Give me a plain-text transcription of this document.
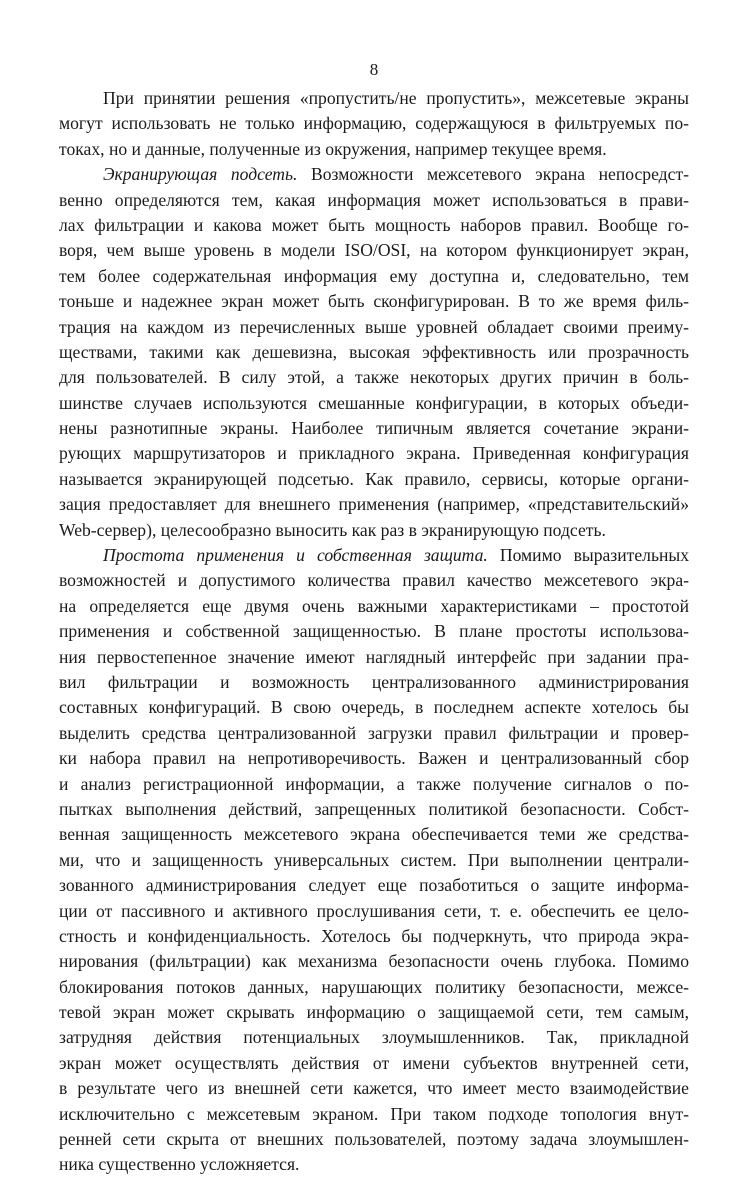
8
При принятии решения «пропустить/не пропустить», межсетевые экраны
могут использовать не только информацию, содержащуюся в фильтруемых по-
токах, но и данные, полученные из окружения, например текущее время.
Экранирующая подсеть. Возможности межсетевого экрана непосредст-
венно определяются тем, какая информация может использоваться в прави-
лах фильтрации и какова может быть мощность наборов правил. Вообще го-
воря, чем выше уровень в модели ISO/OSI, на котором функционирует экран,
тем более содержательная информация ему доступна и, следовательно, тем
тоньше и надежнее экран может быть сконфигурирован. В то же время филь-
трация на каждом из перечисленных выше уровней обладает своими преиму-
ществами, такими как дешевизна, высокая эффективность или прозрачность
для пользователей. В силу этой, а также некоторых других причин в боль-
шинстве случаев используются смешанные конфигурации, в которых объеди-
нены разнотипные экраны. Наиболее типичным является сочетание экрани-
рующих маршрутизаторов и прикладного экрана. Приведенная конфигурация
называется экранирующей подсетью. Как правило, сервисы, которые органи-
зация предоставляет для внешнего применения (например, «представительский»
Web-сервер), целесообразно выносить как раз в экранирующую подсеть.
Простота применения и собственная защита. Помимо выразительных
возможностей и допустимого количества правил качество межсетевого экра-
на определяется еще двумя очень важными характеристиками – простотой
применения и собственной защищенностью. В плане простоты использова-
ния первостепенное значение имеют наглядный интерфейс при задании пра-
вил фильтрации и возможность централизованного администрирования
составных конфигураций. В свою очередь, в последнем аспекте хотелось бы
выделить средства централизованной загрузки правил фильтрации и провер-
ки набора правил на непротиворечивость. Важен и централизованный сбор
и анализ регистрационной информации, а также получение сигналов о по-
пытках выполнения действий, запрещенных политикой безопасности. Собст-
венная защищенность межсетевого экрана обеспечивается теми же средства-
ми, что и защищенность универсальных систем. При выполнении централи-
зованного администрирования следует еще позаботиться о защите информа-
ции от пассивного и активного прослушивания сети, т. е. обеспечить ее цело-
стность и конфиденциальность. Хотелось бы подчеркнуть, что природа экра-
нирования (фильтрации) как механизма безопасности очень глубока. Помимо
блокирования потоков данных, нарушающих политику безопасности, межсе-
тевой экран может скрывать информацию о защищаемой сети, тем самым,
затрудняя действия потенциальных злоумышленников. Так, прикладной
экран может осуществлять действия от имени субъектов внутренней сети,
в результате чего из внешней сети кажется, что имеет место взаимодействие
исключительно с межсетевым экраном. При таком подходе топология внут-
ренней сети скрыта от внешних пользователей, поэтому задача злоумышлен-
ника существенно усложняется.
